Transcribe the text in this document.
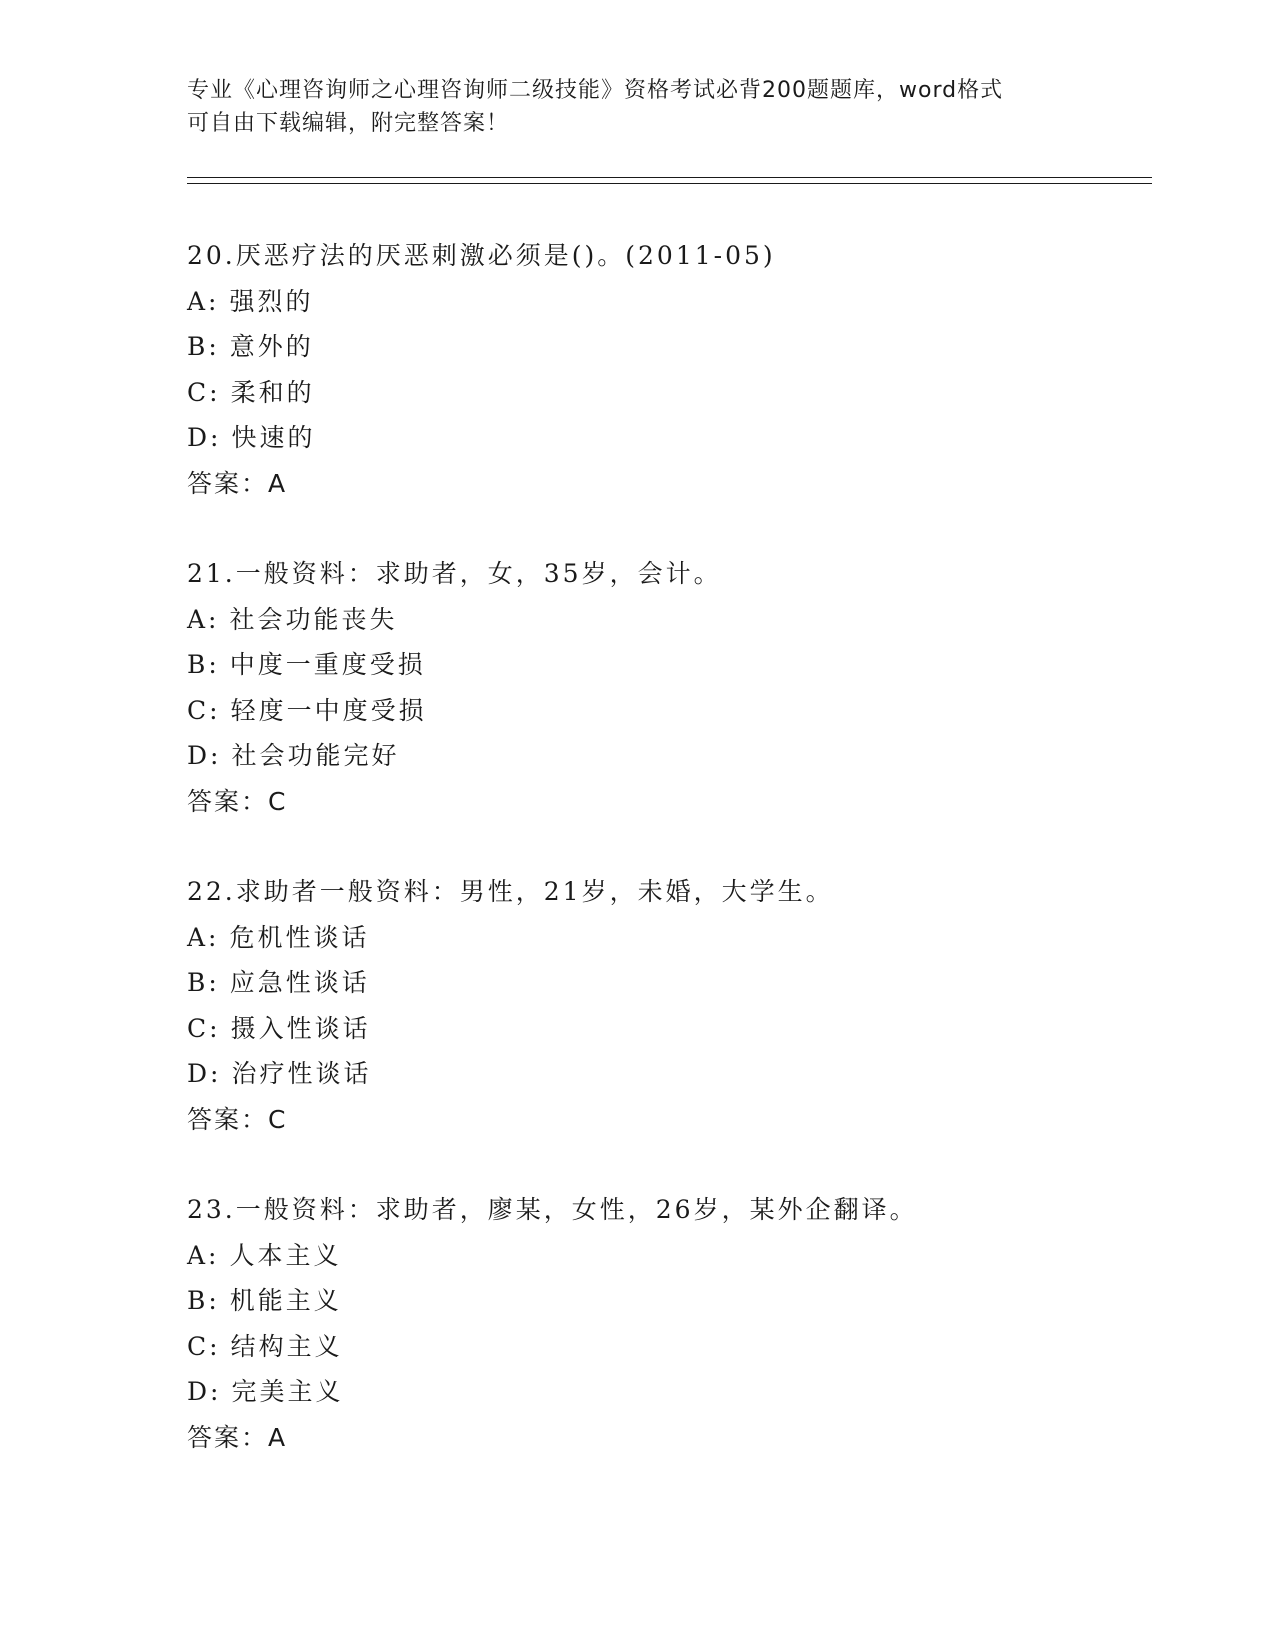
专业《心理咨询师之心理咨询师二级技能》资格考试必背200题题库，word格式
可自由下载编辑，附完整答案！
20.厌恶疗法的厌恶刺激必须是()。(2011-05)
A: 强烈的
B: 意外的
C: 柔和的
D: 快速的
答案：A
21.一般资料：求助者，女，35岁，会计。
A: 社会功能丧失
B: 中度一重度受损
C: 轻度一中度受损
D: 社会功能完好
答案：C
22.求助者一般资料：男性，21岁，未婚，大学生。
A: 危机性谈话
B: 应急性谈话
C: 摄入性谈话
D: 治疗性谈话
答案：C
23.一般资料：求助者，廖某，女性，26岁，某外企翻译。
A: 人本主义
B: 机能主义
C: 结构主义
D: 完美主义
答案：A
